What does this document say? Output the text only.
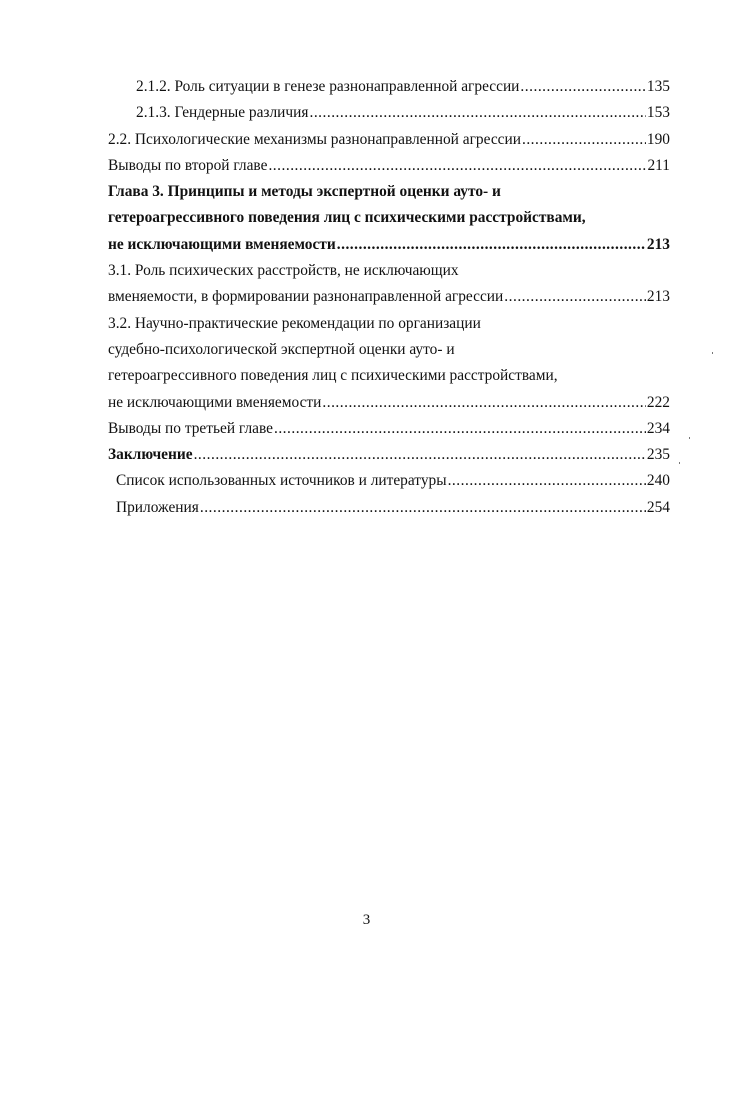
2.1.2. Роль ситуации в генезе разнонаправленной агрессии .....	135
2.1.3. Гендерные различия .....	153
2.2. Психологические механизмы разнонаправленной агрессии .....	190
Выводы по второй главе .....	211
Глава 3. Принципы и методы экспертной оценки ауто- и
гетероагрессивного поведения лиц с психическими расстройствами,
не исключающими вменяемости .....	213
3.1. Роль психических расстройств, не исключающих
вменяемости, в формировании разнонаправленной агрессии .....	213
3.2. Научно-практические рекомендации по организации
судебно-психологической экспертной оценки ауто- и
гетероагрессивного поведения лиц с психическими расстройствами,
не исключающими вменяемости .....	222
Выводы по третьей главе .....	234
Заключение .....	235
Список использованных источников и литературы .....	240
Приложения .....	254
3
